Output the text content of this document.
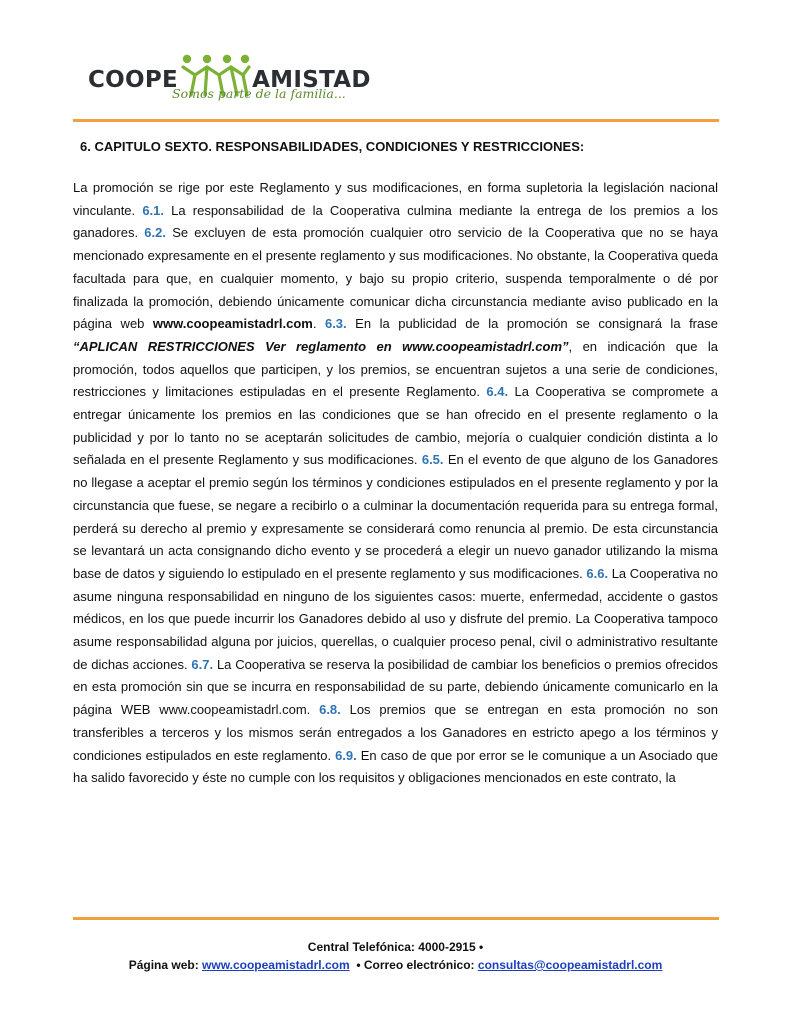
COOPE	AMISTAD
Somos parte de la familia...
6. CAPITULO SEXTO. RESPONSABILIDADES, CONDICIONES Y RESTRICCIONES:
La promoción se rige por este Reglamento y sus modificaciones, en forma supletoria la legislación nacional vinculante. 6.1. La responsabilidad de la Cooperativa culmina mediante la entrega de los premios a los ganadores. 6.2. Se excluyen de esta promoción cualquier otro servicio de la Cooperativa que no se haya mencionado expresamente en el presente reglamento y sus modificaciones. No obstante, la Cooperativa queda facultada para que, en cualquier momento, y bajo su propio criterio, suspenda temporalmente o dé por finalizada la promoción, debiendo únicamente comunicar dicha circunstancia mediante aviso publicado en la página web www.coopeamistadrl.com. 6.3. En la publicidad de la promoción se consignará la frase “APLICAN RESTRICCIONES Ver reglamento en www.coopeamistadrl.com”, en indicación que la promoción, todos aquellos que participen, y los premios, se encuentran sujetos a una serie de condiciones, restricciones y limitaciones estipuladas en el presente Reglamento. 6.4. La Cooperativa se compromete a entregar únicamente los premios en las condiciones que se han ofrecido en el presente reglamento o la publicidad y por lo tanto no se aceptarán solicitudes de cambio, mejoría o cualquier condición distinta a lo señalada en el presente Reglamento y sus modificaciones. 6.5. En el evento de que alguno de los Ganadores no llegase a aceptar el premio según los términos y condiciones estipulados en el presente reglamento y por la circunstancia que fuese, se negare a recibirlo o a culminar la documentación requerida para su entrega formal, perderá su derecho al premio y expresamente se considerará como renuncia al premio. De esta circunstancia se levantará un acta consignando dicho evento y se procederá a elegir un nuevo ganador utilizando la misma base de datos y siguiendo lo estipulado en el presente reglamento y sus modificaciones. 6.6. La Cooperativa no asume ninguna responsabilidad en ninguno de los siguientes casos: muerte, enfermedad, accidente o gastos médicos, en los que puede incurrir los Ganadores debido al uso y disfrute del premio. La Cooperativa tampoco asume responsabilidad alguna por juicios, querellas, o cualquier proceso penal, civil o administrativo resultante de dichas acciones. 6.7. La Cooperativa se reserva la posibilidad de cambiar los beneficios o premios ofrecidos en esta promoción sin que se incurra en responsabilidad de su parte, debiendo únicamente comunicarlo en la página WEB www.coopeamistadrl.com. 6.8. Los premios que se entregan en esta promoción no son transferibles a terceros y los mismos serán entregados a los Ganadores en estricto apego a los términos y condiciones estipulados en este reglamento. 6.9. En caso de que por error se le comunique a un Asociado que ha salido favorecido y éste no cumple con los requisitos y obligaciones mencionados en este contrato, la
Central Telefónica: 4000-2915 •
Página web: www.coopeamistadrl.com • Correo electrónico: consultas@coopeamistadrl.com
